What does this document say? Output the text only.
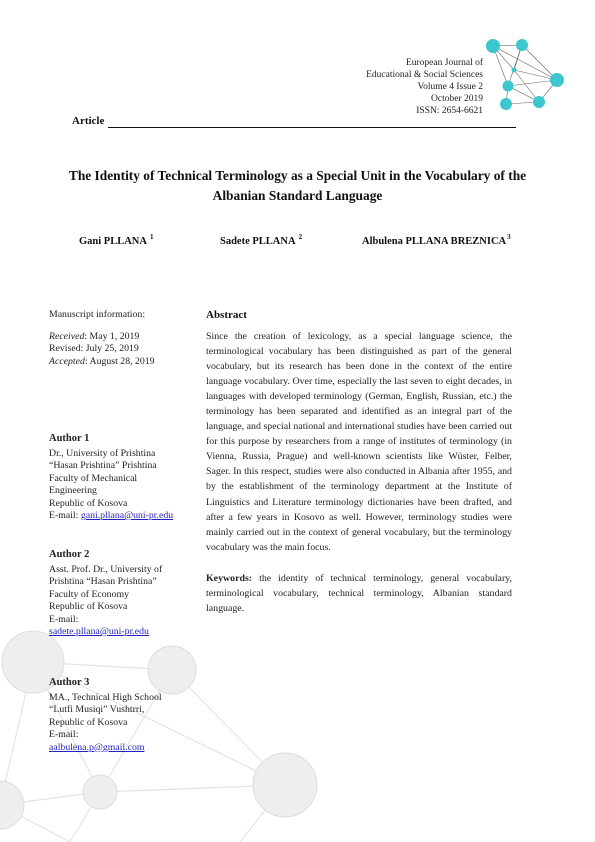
European Journal of
Educational & Social Sciences
Volume 4 Issue 2
October 2019
ISSN: 2654-6621
Article
The Identity of Technical Terminology as a Special Unit in the Vocabulary of the Albanian Standard Language
Gani PLLANA $^1$	Sadete PLLANA $^2$	Albulena PLLANA BREZNICA$^3$
Manuscript information:
Received: May 1, 2019
Revised: July 25, 2019
Accepted: August 28, 2019
Author 1
Dr., University of Prishtina
“Hasan Prishtina” Prishtina
Faculty of Mechanical
Engineering
Republic of Kosova
E-mail: gani.pllana@uni-pr.edu
Author 2
Asst. Prof. Dr., University of
Prishtina “Hasan Prishtina”
Faculty of Economy
Republic of Kosova
E-mail:
sadete.pllana@uni-pr.edu
Author 3
MA., Technical High School
“Lutfi Musiqi” Vushtrri,
Republic of Kosova
E-mail:
aalbulena.p@gmail.com
Abstract
Since the creation of lexicology, as a special language science, the terminological vocabulary has been distinguished as part of the general vocabulary, but its research has been done in the context of the entire language vocabulary. Over time, especially the last seven to eight decades, in languages with developed terminology (German, English, Russian, etc.) the terminology has been separated and identified as an integral part of the language, and special national and international studies have been carried out for this purpose by researchers from a range of institutes of terminology (in Vienna, Russia, Prague) and well-known scientists like Wüster, Felber, Sager. In this respect, studies were also conducted in Albania after 1955, and by the establishment of the terminology department at the Institute of Linguistics and Literature terminology dictionaries have been drafted, and after a few years in Kosovo as well. However, terminology studies were mainly carried out in the context of general vocabulary, but the terminology vocabulary was the main focus.
Keywords: the identity of technical terminology, general vocabulary, terminological vocabulary, technical terminology, Albanian standard language.
